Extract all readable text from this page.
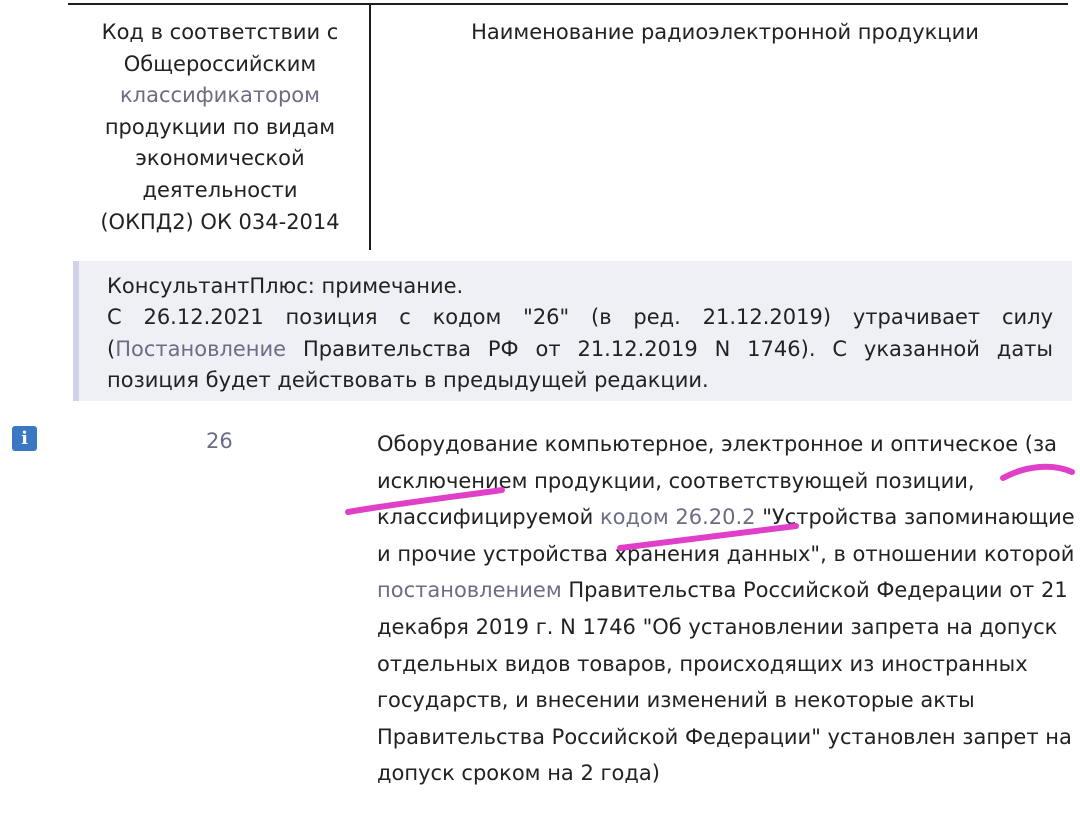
Код в соответствии с
Общероссийским
классификатором
продукции по видам
экономической
деятельности
(ОКПД2) ОК 034-2014
Наименование радиоэлектронной продукции
КонсультантПлюс: примечание.
С 26.12.2021 позиция с кодом "26" (в ред. 21.12.2019) утрачивает силу (Постановление Правительства РФ от 21.12.2019 N 1746). С указанной даты позиция будет действовать в предыдущей редакции.
i	26	Оборудование компьютерное, электронное и оптическое (за
исключением продукции, соответствующей позиции,
классифицируемой кодом 26.20.2 "Устройства запоминающие
и прочие устройства хранения данных", в отношении которой
постановлением Правительства Российской Федерации от 21
декабря 2019 г. N 1746 "Об установлении запрета на допуск
отдельных видов товаров, происходящих из иностранных
государств, и внесении изменений в некоторые акты
Правительства Российской Федерации" установлен запрет на
допуск сроком на 2 года)
